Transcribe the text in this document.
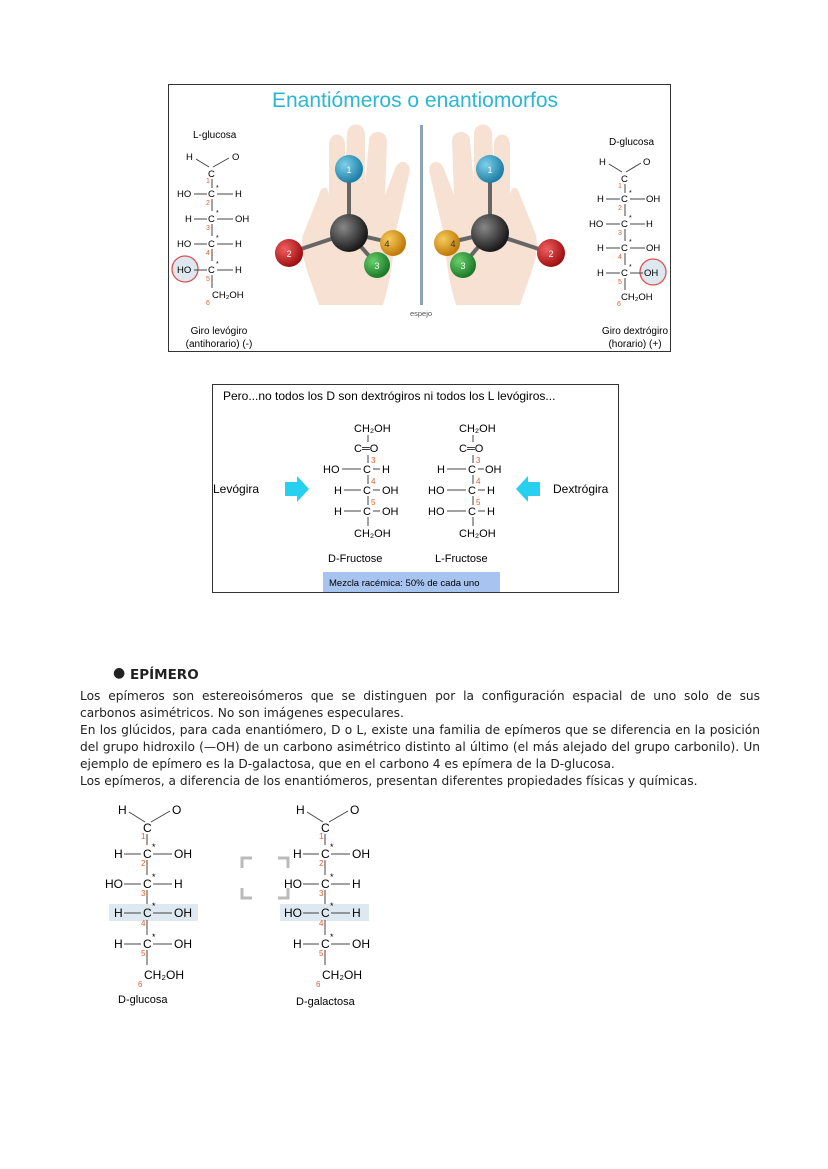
Enantiómeros o enantiomorfos
L-glucosa
H	O
C
1
HO C
*
H
2
H C
*
OH
3
HO C
*
H
4
HO C
*
H
5
CH₂OH
6
1
2
3
4
espejo
1
2
3
4
D-glucosa
H	O
C
1
H C
*
OH
2
HO C
*
H
3
H C
*
OH
4
H C
*
OH
5
CH₂OH
6
Giro levógiro
(antihorario) (-)
Giro dextrógiro
(horario) (+)
Pero...no todos los D son dextrógiros ni todos los L levógiros...
CH₂OH
C═O
3
HO C H
4
H C OH
5
H C OH
CH₂OH
D-Fructose
CH₂OH
C═O
3
H C OH
4
HO C H
5
HO C H
CH₂OH
L-Fructose
Levógira	Dextrógira
Mezcla racémica: 50% de cada uno
● EPÍMERO
Los epímeros son estereoisómeros que se distinguen por la configuración espacial de uno solo de sus carbonos asimétricos. No son imágenes especulares.
En los glúcidos, para cada enantiómero, D o L, existe una familia de epímeros que se diferencia en la posición del grupo hidroxilo (—OH) de un carbono asimétrico distinto al último (el más alejado del grupo carbonilo). Un ejemplo de epímero es la D-galactosa, que en el carbono 4 es epímera de la D-glucosa.
Los epímeros, a diferencia de los enantiómeros, presentan diferentes propiedades físicas y químicas.
H	O
C
1
H C * OH
2
HO C * H
3
H C * OH
4
H C * OH
5
CH₂OH
6
D-glucosa
H	O
C
1
H C * OH
2
HO C * H
3
HO C * H
4
H C * OH
5
CH₂OH
6
D-galactosa
